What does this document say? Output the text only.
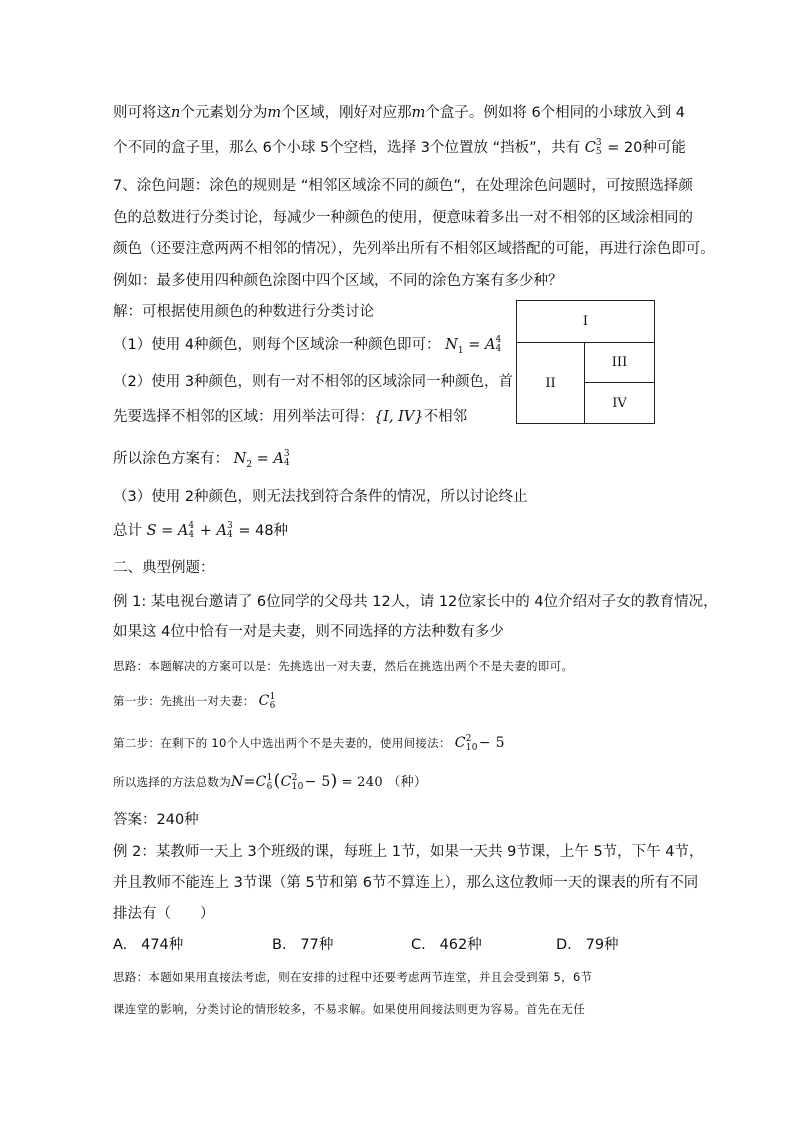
则可将这n个元素划分为m个区域，刚好对应那m个盒子。例如将 6个相同的小球放入到 4
个不同的盒子里，那么 6个小球 5个空档，选择 3个位置放 “挡板”，共有 C 3
5 = 20种可能
7、涂色问题：涂色的规则是 “相邻区域涂不同的颜色”，在处理涂色问题时，可按照选择颜
色的总数进行分类讨论，每减少一种颜色的使用，便意味着多出一对不相邻的区域涂相同的
颜色（还要注意两两不相邻的情况），先列举出所有不相邻区域搭配的可能，再进行涂色即可。
例如：最多使用四种颜色涂图中四个区域，不同的涂色方案有多少种？
解：可根据使用颜色的种数进行分类讨论
（1）使用 4种颜色，则每个区域涂一种颜色即可： $N_1 = A$ 4
4
（2）使用 3种颜色，则有一对不相邻的区域涂同一种颜色，首
先要选择不相邻的区域：用列举法可得：{I, IV}不相邻
所以涂色方案有： $N_2 = A$ 3
4
（3）使用 2种颜色，则无法找到符合条件的情况，所以讨论终止
总计 S = A 4
4 + A 3
4 = 48种
二、典型例题：
例 1: 某电视台邀请了 6位同学的父母共 12人，请 12位家长中的 4位介绍对子女的教育情况，
如果这 4位中恰有一对是夫妻，则不同选择的方法种数有多少
思路：本题解决的方案可以是：先挑选出一对夫妻，然后在挑选出两个不是夫妻的即可。
第一步：先挑出一对夫妻： C 1
6
第二步：在剩下的 10个人中选出两个不是夫妻的，使用间接法： C 2
10 − 5
所以选择的方法总数为N=C 1
6 (C 2
10 − 5) = 240 （种）
答案：240种
例 2：某教师一天上 3个班级的课，每班上 1节，如果一天共 9节课，上午 5节，下午 4节，
并且教师不能连上 3节课（第 5节和第 6节不算连上），那么这位教师一天的课表的所有不同
排法有（　　）
A. 474种	B. 77种	C. 462种	D. 79种
思路：本题如果用直接法考虑，则在安排的过程中还要考虑两节连堂，并且会受到第 5，6节
课连堂的影响，分类讨论的情形较多，不易求解。如果使用间接法则更为容易。首先在无任
I
II
III
IV
